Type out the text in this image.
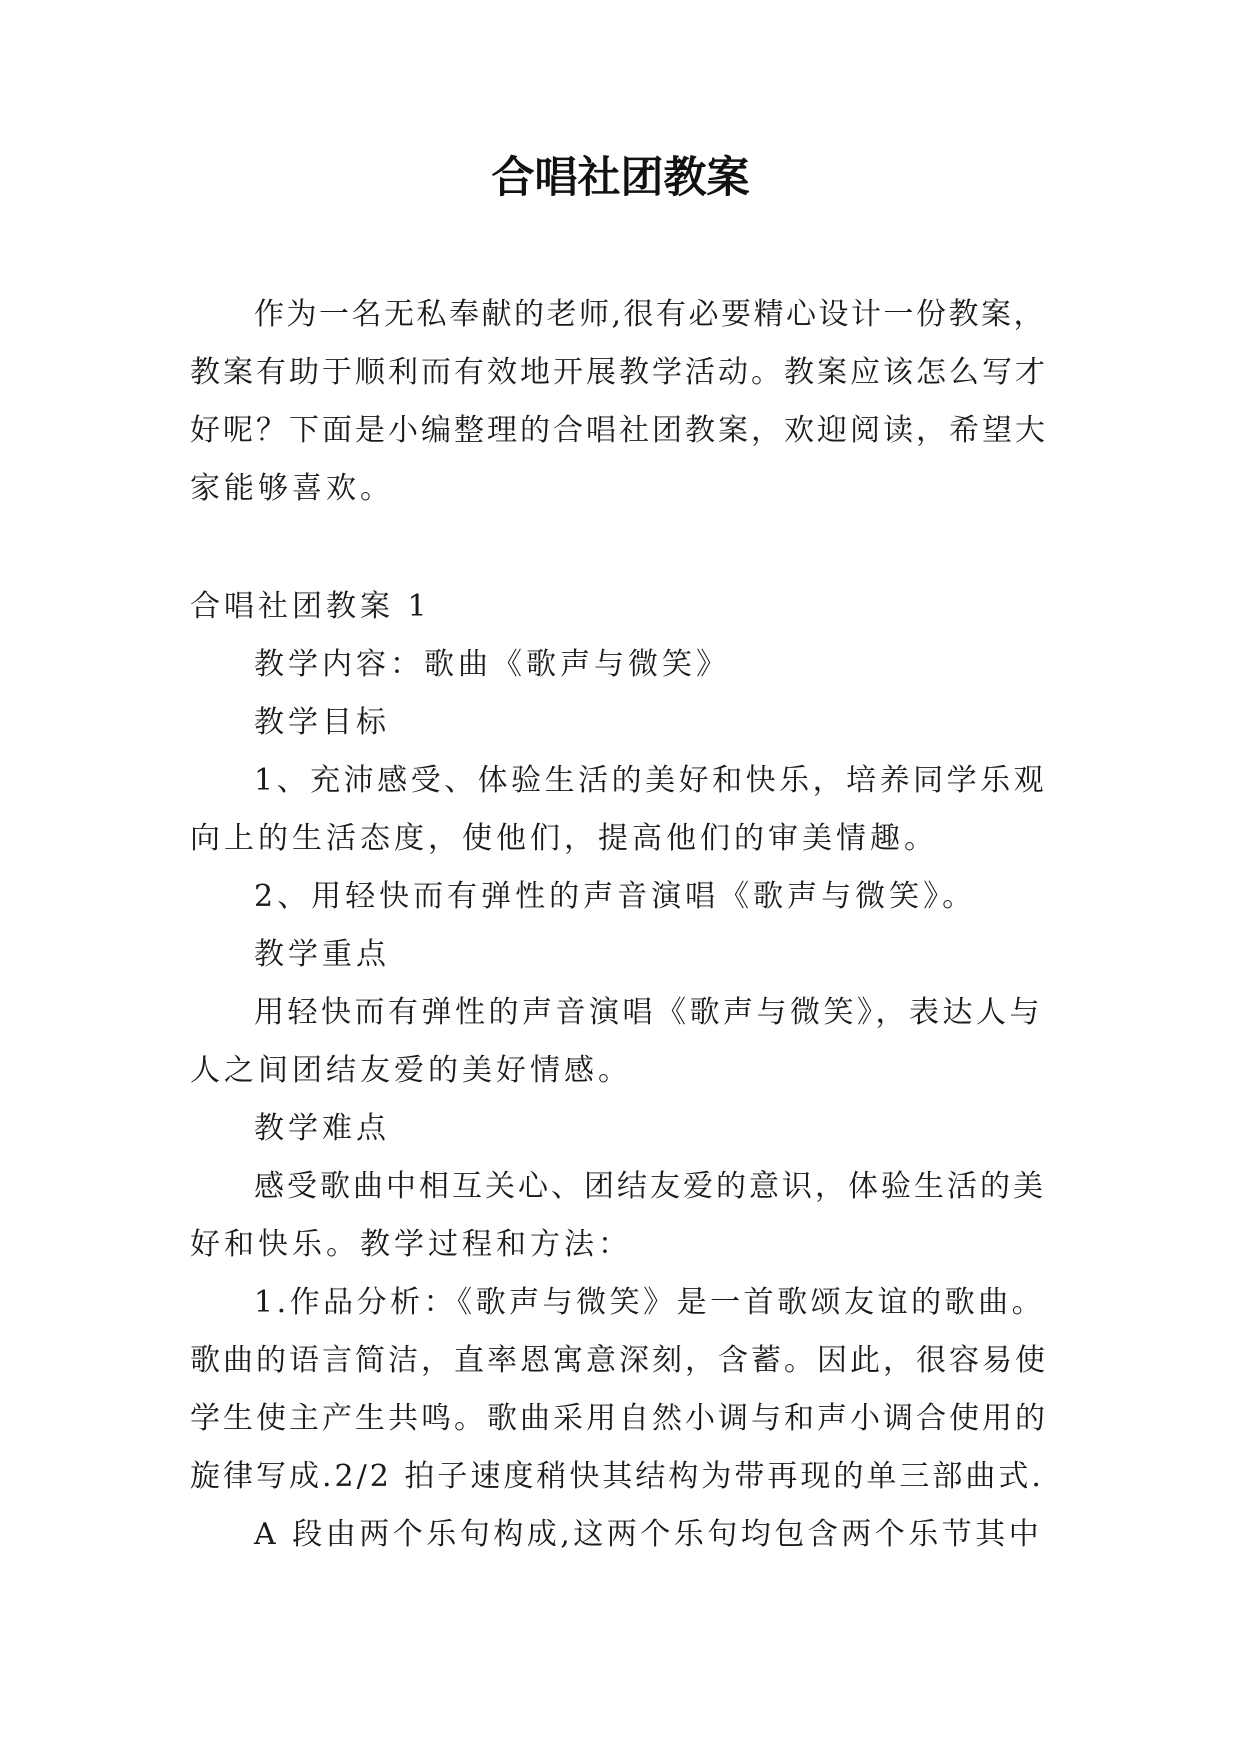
合唱社团教案

作为一名无私奉献的老师,很有必要精心设计一份教案，

教案有助于顺利而有效地开展教学活动。教案应该怎么写才

好呢？下面是小编整理的合唱社团教案，欢迎阅读，希望大

家能够喜欢。

合唱社团教案 1

教学内容：歌曲《歌声与微笑》

教学目标

1、充沛感受、体验生活的美好和快乐，培养同学乐观

向上的生活态度，使他们，提高他们的审美情趣。

2、用轻快而有弹性的声音演唱《歌声与微笑》。

教学重点

用轻快而有弹性的声音演唱《歌声与微笑》，表达人与

人之间团结友爱的美好情感。

教学难点

感受歌曲中相互关心、团结友爱的意识，体验生活的美

好和快乐。教学过程和方法：

1.作品分析：《歌声与微笑》是一首歌颂友谊的歌曲。

歌曲的语言简洁，直率恩寓意深刻，含蓄。因此，很容易使

学生使主产生共鸣。歌曲采用自然小调与和声小调合使用的

旋律写成.2/2 拍子速度稍快其结构为带再现的单三部曲式.

A 段由两个乐句构成,这两个乐句均包含两个乐节其中
